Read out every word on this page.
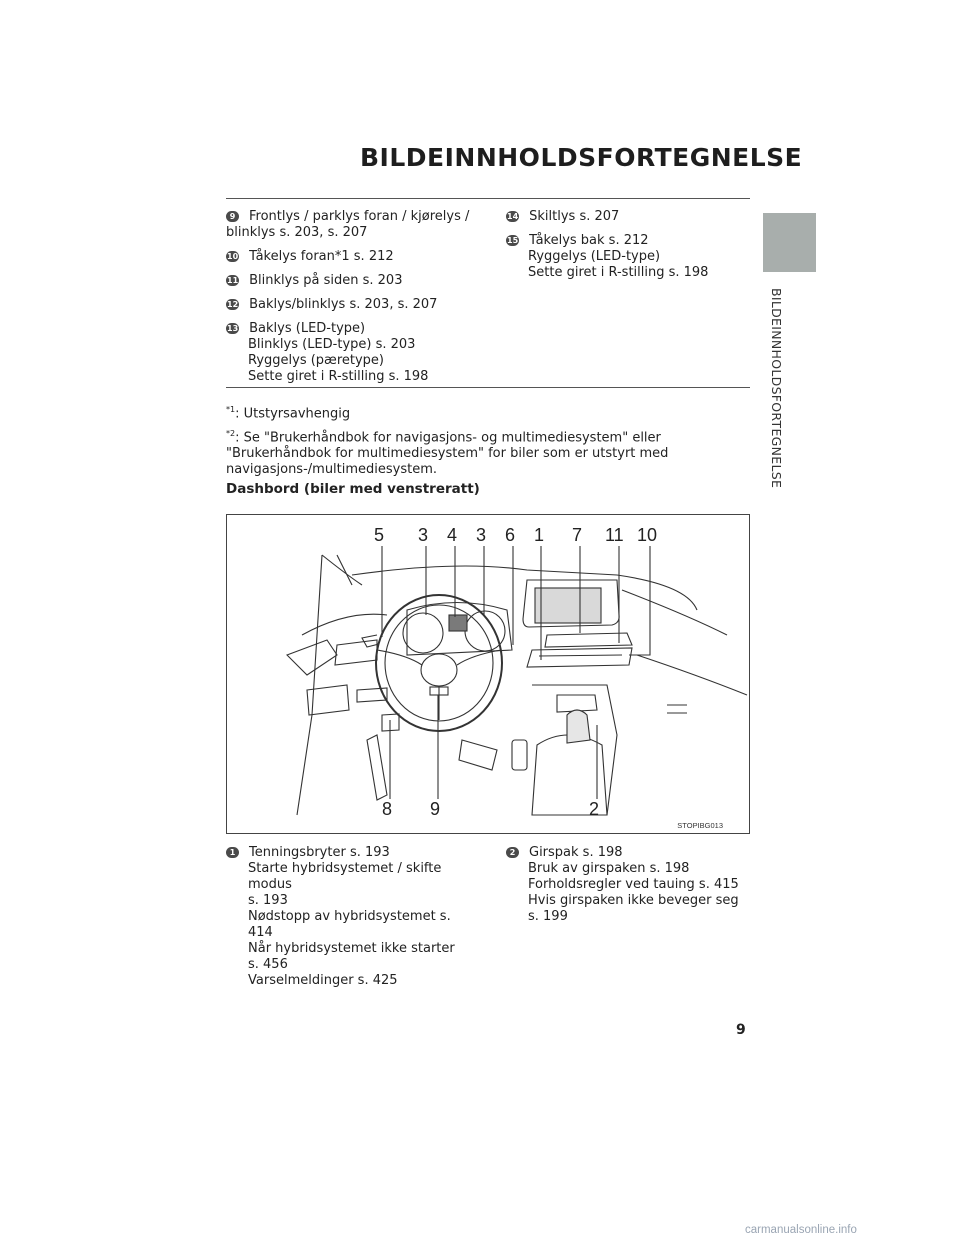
BILDEINNHOLDSFORTEGNELSE
BILDEINNHOLDSFORTEGNELSE
9 Frontlys / parklys foran / kjørelys /
blinklys s. 203, s. 207
10 Tåkelys foran*1 s. 212
11 Blinklys på siden s. 203
12 Baklys/blinklys s. 203, s. 207
13 Baklys (LED-type)
Blinklys (LED-type) s. 203
Ryggelys (pæretype)
Sette giret i R-stilling s. 198
14 Skiltlys s. 207
15 Tåkelys bak s. 212
Ryggelys (LED-type)
Sette giret i R-stilling s. 198
$^{*1}$: Utstyrsavhengig
$^{*2}$: Se "Brukerhåndbok for navigasjons- og multimediesystem" eller "Brukerhåndbok for multimediesystem" for biler som er utstyrt med navigasjons-/multimediesystem.
Dashbord (biler med venstreratt)
5 3 4 3 6 1 7 11 10
8 9	2
STOPIBG013
1 Tenningsbryter s. 193
Starte hybridsystemet / skifte modus
s. 193
Nødstopp av hybridsystemet s. 414
Når hybridsystemet ikke starter
s. 456
Varselmeldinger s. 425
2 Girspak s. 198
Bruk av girspaken s. 198
Forholdsregler ved tauing s. 415
Hvis girspaken ikke beveger seg
s. 199
9
carmanualsonline.info
